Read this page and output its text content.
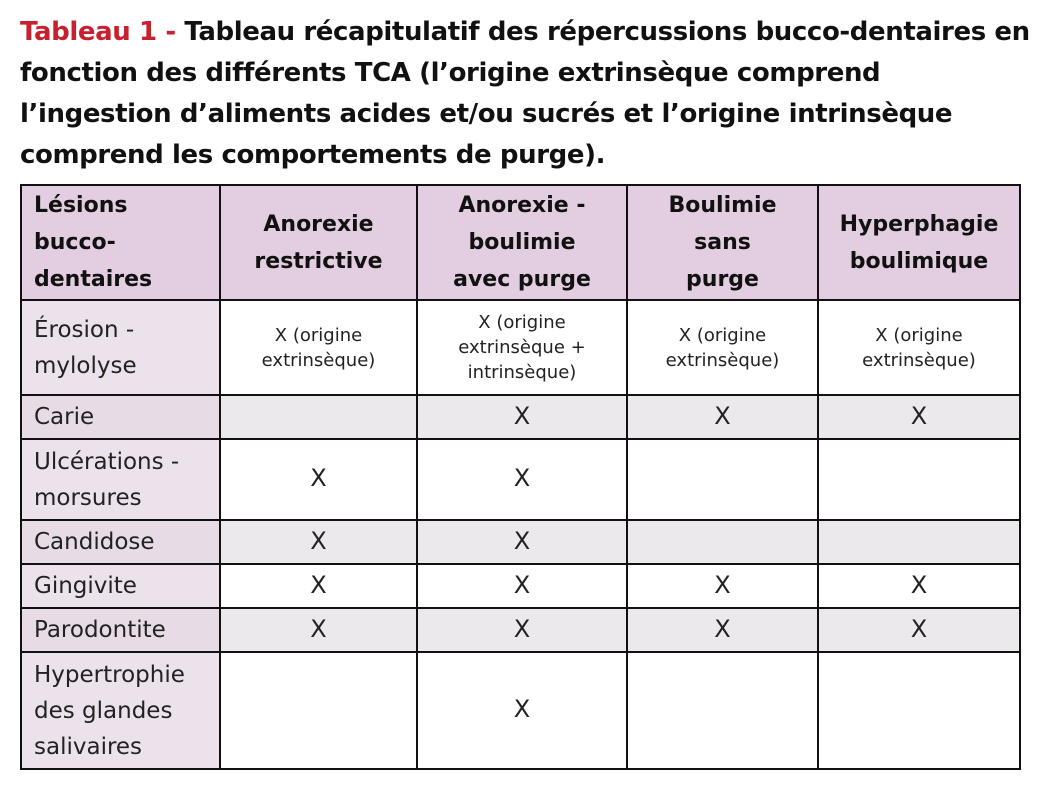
Tableau 1 - Tableau récapitulatif des répercussions bucco-dentaires en fonction des différents TCA (l’origine extrinsèque comprend l’ingestion d’aliments acides et/ou sucrés et l’origine intrinsèque comprend les comportements de purge).
Lésions bucco-dentaires	Anorexie restrictive	Anorexie - boulimie avec purge	Boulimie sans purge	Hyperphagie boulimique

Érosion - mylolyse	X (origine extrinsèque)	X (origine extrinsèque + intrinsèque)	X (origine extrinsèque)	X (origine extrinsèque)

Carie		X	X	X

Ulcérations - morsures	X	X		
Candidose	X	X		
Gingivite	X	X	X	X
Parodontite	X	X	X	X

Hypertrophie des glandes salivaires		X		
